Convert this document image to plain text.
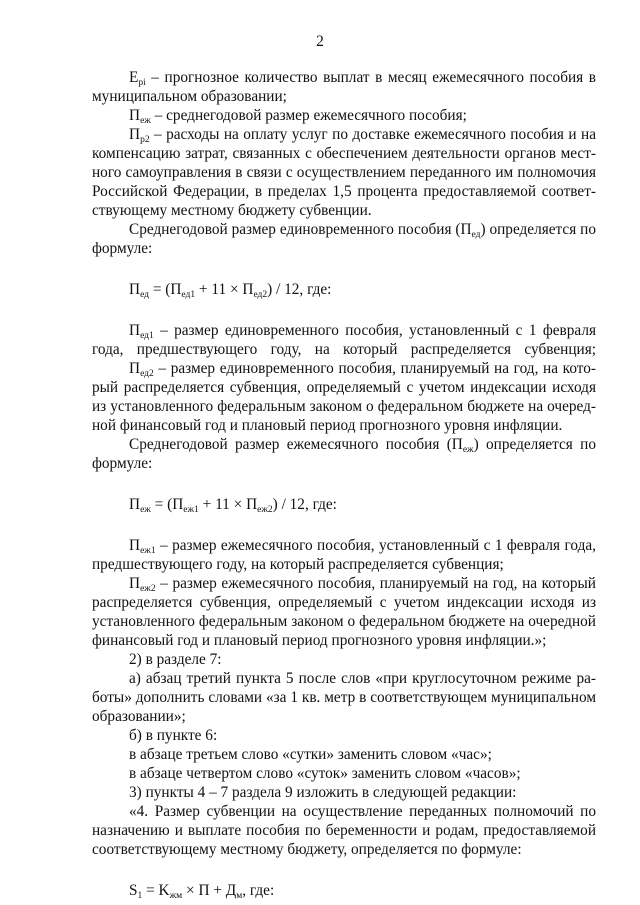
2
$E_{pi}$ – прогнозное количество выплат в месяц ежемесячного пособия в
муниципальном образовании;
$П_{еж}$ – среднегодовой размер ежемесячного пособия;
$П_{р2}$ – расходы на оплату услуг по доставке ежемесячного пособия и на
компенсацию затрат, связанных с обеспечением деятельности органов мест-
ного самоуправления в связи с осуществлением переданного им полномочия
Российской Федерации, в пределах 1,5 процента предоставляемой соответ-
ствующему местному бюджету субвенции.
Среднегодовой размер единовременного пособия $(П_{ед})$ определяется по
формуле:
$П_{ед} = (П_{ед1} + 11 \times П_{ед2}) / 12$, где:
$П_{ед1}$ – размер единовременного пособия, установленный с 1 февраля
года, предшествующего году, на который распределяется субвенция;
$П_{ед2}$ – размер единовременного пособия, планируемый на год, на кото-
рый распределяется субвенция, определяемый с учетом индексации исходя
из установленного федеральным законом о федеральном бюджете на очеред-
ной финансовый год и плановый период прогнозного уровня инфляции.
Среднегодовой размер ежемесячного пособия $(П_{еж})$ определяется по
формуле:
$П_{еж} = (П_{еж1} + 11 \times П_{еж2}) / 12$, где:
$П_{еж1}$ – размер ежемесячного пособия, установленный с 1 февраля года,
предшествующего году, на который распределяется субвенция;
$П_{еж2}$ – размер ежемесячного пособия, планируемый на год, на который
распределяется субвенция, определяемый с учетом индексации исходя из
установленного федеральным законом о федеральном бюджете на очередной
финансовый год и плановый период прогнозного уровня инфляции.»;
2) в разделе 7:
а) абзац третий пункта 5 после слов «при круглосуточном режиме ра-
боты» дополнить словами «за 1 кв. метр в соответствующем муниципальном
образовании»;
б) в пункте 6:
в абзаце третьем слово «сутки» заменить словом «час»;
в абзаце четвертом слово «суток» заменить словом «часов»;
3) пункты 4 – 7 раздела 9 изложить в следующей редакции:
«4. Размер субвенции на осуществление переданных полномочий по
назначению и выплате пособия по беременности и родам, предоставляемой
соответствующему местному бюджету, определяется по формуле:
$S_1 = K_{жм} \times П + Д_м$, где:
